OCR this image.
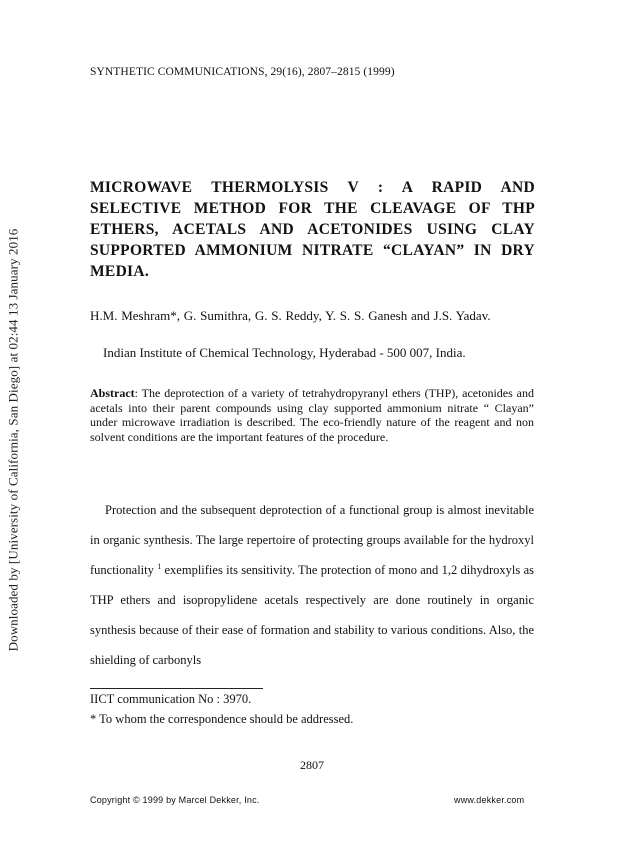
Downloaded by [University of California, San Diego] at 02:44 13 January 2016
SYNTHETIC COMMUNICATIONS, 29(16), 2807–2815 (1999)
MICROWAVE THERMOLYSIS V : A RAPID AND SELECTIVE METHOD FOR THE CLEAVAGE OF THP ETHERS, ACETALS AND ACETONIDES USING CLAY SUPPORTED AMMONIUM NITRATE “CLAYAN” IN DRY MEDIA.
H.M. Meshram*, G. Sumithra, G. S. Reddy, Y. S. S. Ganesh and J.S. Yadav.
Indian Institute of Chemical Technology, Hyderabad - 500 007, India.

Abstract: The deprotection of a variety of tetrahydropyranyl ethers (THP), acetonides and acetals into their parent compounds using clay supported ammonium nitrate “ Clayan” under microwave irradiation is described. The eco-friendly nature of the reagent and non solvent conditions are the important features of the procedure.

Protection and the subsequent deprotection of a functional group is almost inevitable in organic synthesis. The large repertoire of protecting groups available for the hydroxyl functionality $^1$ exemplifies its sensitivity. The protection of mono and 1,2 dihydroxyls as THP ethers and isopropylidene acetals respectively are done routinely in organic synthesis because of their ease of formation and stability to various conditions. Also, the shielding of carbonyls

IICT communication No : 3970.
* To whom the correspondence should be addressed.
2807
Copyright © 1999 by Marcel Dekker, Inc.	www.dekker.com
